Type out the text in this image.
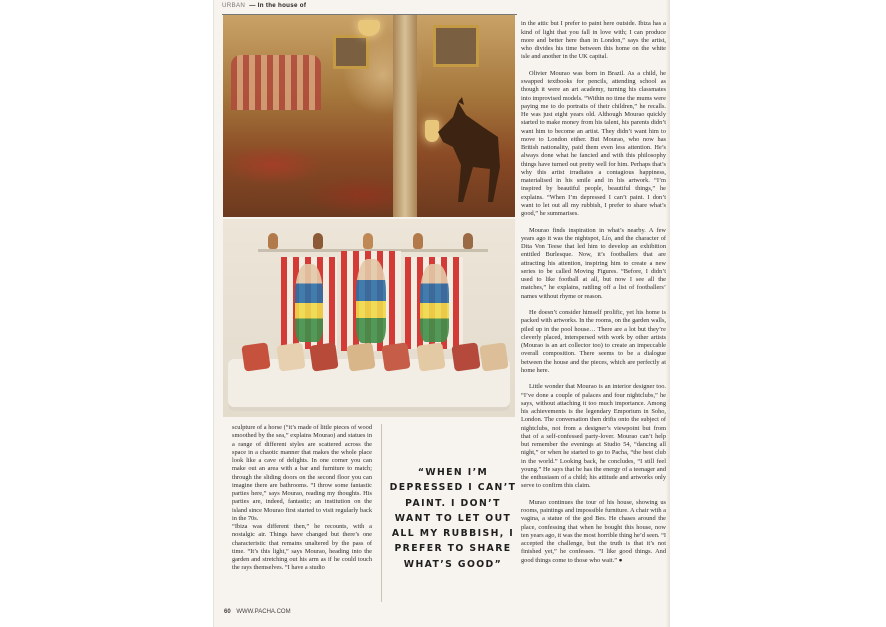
URBAN — In the house of
sculpture of a horse (“it’s made of little pieces of wood smoothed by the sea,” explains Mourao) and statues in a range of different styles are scattered across the space in a chaotic manner that makes the whole place look like a cave of delights. In one corner you can make out an area with a bar and furniture to match; through the sliding doors on the second floor you can imagine there are bathrooms. “I throw some fantastic parties here,” says Mourao, reading my thoughts. His parties are, indeed, fantastic; an institution on the island since Mourao first started to visit regularly back in the 70s.
“Ibiza was different then,” he recounts, with a nostalgic air. Things have changed but there’s one characteristic that remains unaltered by the pass of time. “It’s this light,” says Mourao, heading into the garden and stretching out his arm as if he could touch the rays themselves. “I have a studio
“WHEN I’M DEPRESSED I CAN’T PAINT. I DON’T WANT TO LET OUT ALL MY RUBBISH, I PREFER TO SHARE WHAT’S GOOD”

in the attic but I prefer to paint here outside. Ibiza has a kind of light that you fall in love with; I can produce more and better here than in London,” says the artist, who divides his time between this home on the white isle and another in the UK capital.

Olivier Mourao was born in Brazil. As a child, he swapped textbooks for pencils, attending school as though it were an art academy, turning his classmates into improvised models. “Within no time the mums were paying me to do portraits of their children,” he recalls. He was just eight years old. Although Mourao quickly started to make money from his talent, his parents didn’t want him to become an artist. They didn’t want him to move to London either. But Mourao, who now has British nationality, paid them even less attention. He’s always done what he fancied and with this philosophy things have turned out pretty well for him. Perhaps that’s why this artist irradiates a contagious happiness, materialised in his smile and in his artwork. “I’m inspired by beautiful people, beautiful things,” he explains. “When I’m depressed I can’t paint. I don’t want to let out all my rubbish, I prefer to share what’s good,” he summarises.

Mourao finds inspiration in what’s nearby. A few years ago it was the nightspot, Lío, and the character of Dita Von Teese that led him to develop an exhibition entitled Burlesque. Now, it’s footballers that are attracting his attention, inspiring him to create a new series to be called Moving Figures. “Before, I didn’t used to like football at all, but now I see all the matches,” he explains, rattling off a list of footballers’ names without rhyme or reason.

He doesn’t consider himself prolific, yet his home is packed with artworks. In the rooms, on the garden walls, piled up in the pool house… There are a lot but they’re cleverly placed, interspersed with work by other artists (Mourao is an art collector too) to create an impeccable overall composition. There seems to be a dialogue between the house and the pieces, which are perfectly at home here.

Little wonder that Mourao is an interior designer too. “I’ve done a couple of palaces and four nightclubs,” he says, without attaching it too much importance. Among his achievements is the legendary Emporium in Soho, London. The conversation then drifts onto the subject of nightclubs, not from a designer’s viewpoint but from that of a self-confessed party-lover. Mourao can’t help but remember the evenings at Studio 54, “dancing all night,” or when he started to go to Pacha, “the best club in the world.” Looking back, he concludes, “I still feel young.” He says that he has the energy of a teenager and the enthusiasm of a child; his attitude and artworks only serve to confirm this claim.

Murao continues the tour of his house, showing us rooms, paintings and impossible furniture. A chair with a vagina, a statue of the god Bes. He chases around the place, confessing that when he bought this house, now ten years ago, it was the most horrible thing he’d seen. “I accepted the challenge, but the truth is that it’s not finished yet,” he confesses. “I like good things. And good things come to those who wait.” ●

60 WWW.PACHA.COM
